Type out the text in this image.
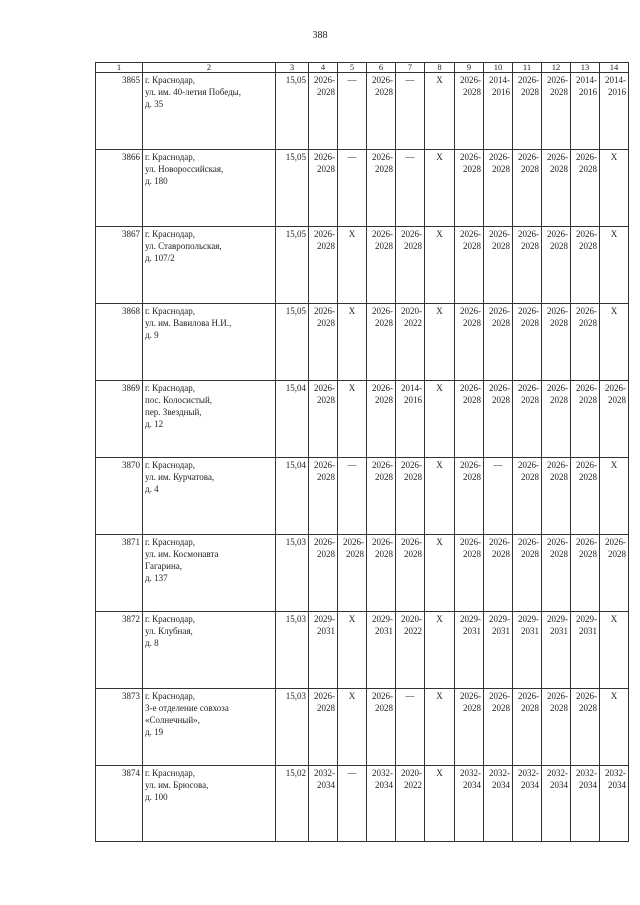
388
1	2	3	4	5	6	7	8	9	10	11	12	13	14
3865	г. Краснодар,
ул. им. 40-летия Победы,
д. 35	15,05	2026-2028	—	2026-2028	—	X	2026-2028	2014-2016	2026-2028	2026-2028	2014-2016	2014-2016
3866	г. Краснодар,
ул. Новороссийская,
д. 180	15,05	2026-2028	—	2026-2028	—	X	2026-2028	2026-2028	2026-2028	2026-2028	2026-2028	X
3867	г. Краснодар,
ул. Ставропольская,
д. 107/2	15,05	2026-2028	X	2026-2028	2026-2028	X	2026-2028	2026-2028	2026-2028	2026-2028	2026-2028	X
3868	г. Краснодар,
ул. им. Вавилова Н.И.,
д. 9	15,05	2026-2028	X	2026-2028	2020-2022	X	2026-2028	2026-2028	2026-2028	2026-2028	2026-2028	X
3869	г. Краснодар,
пос. Колосистый,
пер. Звездный,
д. 12	15,04	2026-2028	X	2026-2028	2014-2016	X	2026-2028	2026-2028	2026-2028	2026-2028	2026-2028	2026-2028
3870	г. Краснодар,
ул. им. Курчатова,
д. 4	15,04	2026-2028	—	2026-2028	2026-2028	X	2026-2028	—	2026-2028	2026-2028	2026-2028	X
3871	г. Краснодар,
ул. им. Космонавта
Гагарина,
д. 137	15,03	2026-2028	2026-2028	2026-2028	2026-2028	X	2026-2028	2026-2028	2026-2028	2026-2028	2026-2028	2026-2028
3872	г. Краснодар,
ул. Клубная,
д. 8	15,03	2029-2031	X	2029-2031	2020-2022	X	2029-2031	2029-2031	2029-2031	2029-2031	2029-2031	X
3873	г. Краснодар,
3-е отделение совхоза
«Солнечный»,
д. 19	15,03	2026-2028	X	2026-2028	—	X	2026-2028	2026-2028	2026-2028	2026-2028	2026-2028	X
3874	г. Краснодар,
ул. им. Брюсова,
д. 100	15,02	2032-2034	—	2032-2034	2020-2022	X	2032-2034	2032-2034	2032-2034	2032-2034	2032-2034	2032-2034
